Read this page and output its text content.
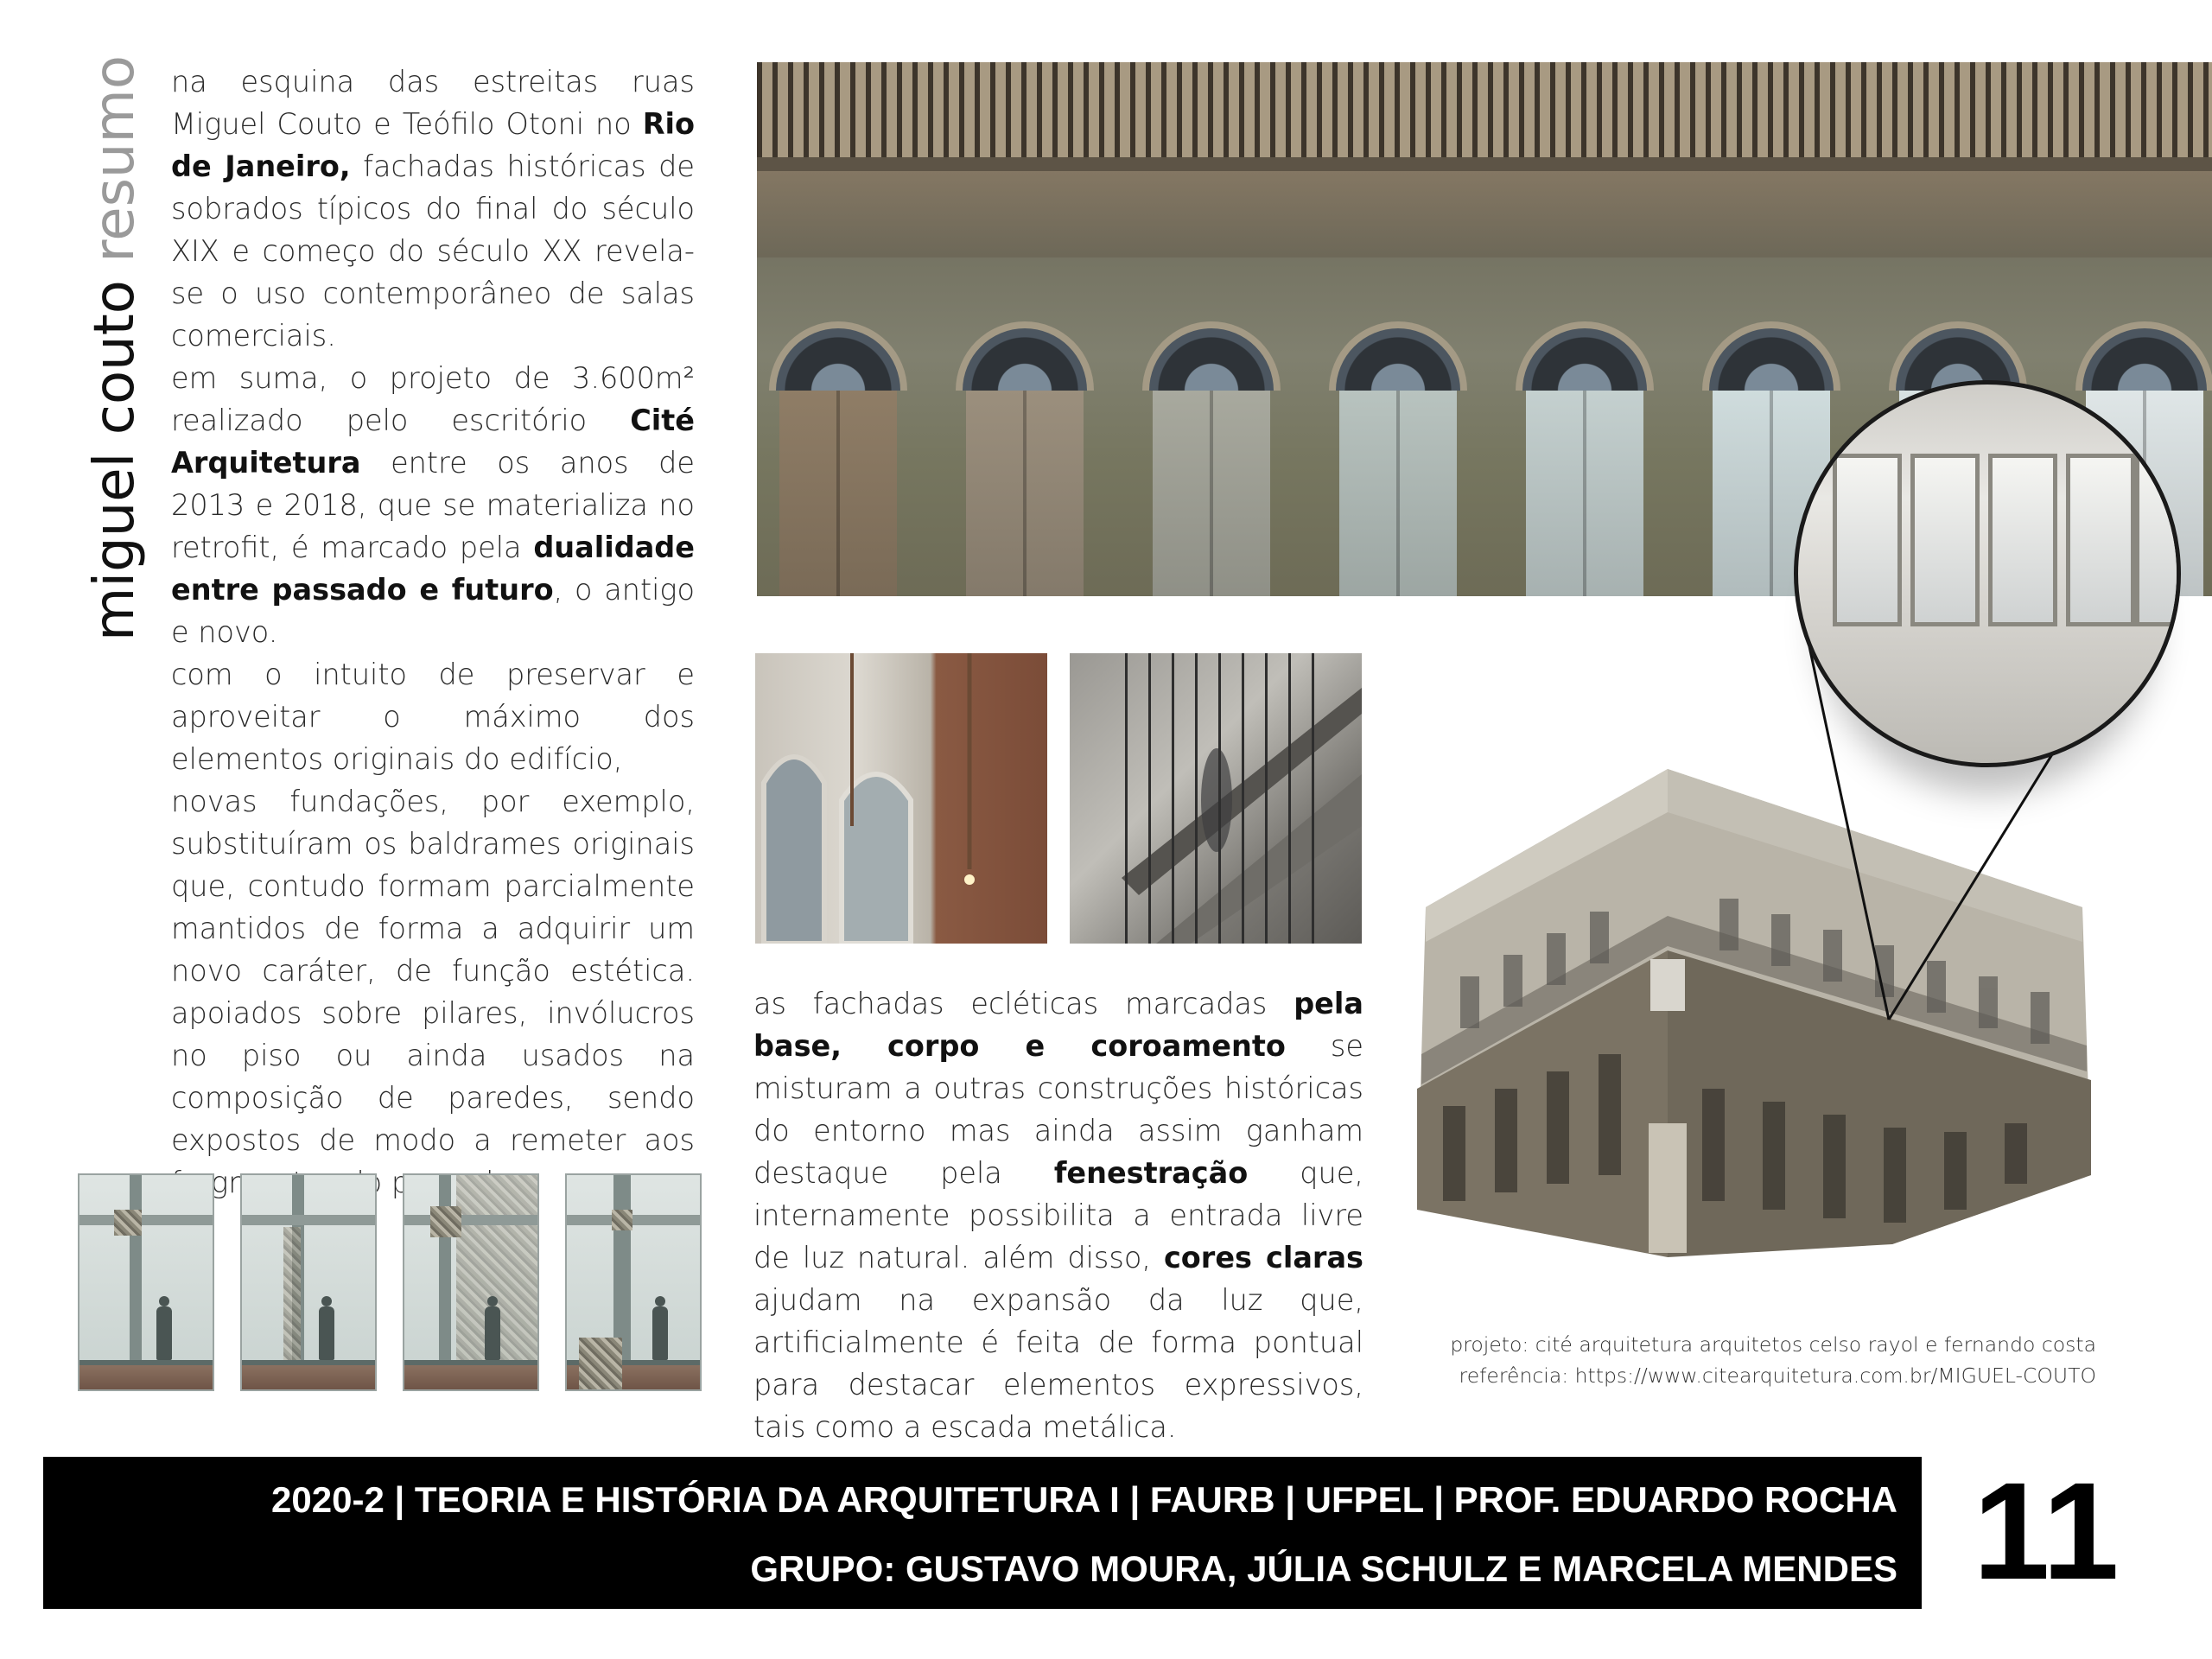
miguel couto resumo na esquina das estreitas ruas Miguel Couto e Teófilo Otoni no Rio de Janeiro, fachadas históricas de sobrados típicos do final do século XIX e começo do século XX revela-se o uso contemporâneo de salas comerciais.

em suma, o projeto de 3.600m² realizado pelo escritório Cité Arquitetura entre os anos de 2013 e 2018, que se materializa no retrofit, é marcado pela dualidade entre passado e futuro, o antigo e novo.

com o intuito de preservar e aproveitar o máximo dos elementos originais do edifício,

novas fundações, por exemplo, substituíram os baldrames originais que, contudo formam parcialmente mantidos de forma a adquirir um novo caráter, de função estética. apoiados sobre pilares, invólucros no piso ou ainda usados na composição de paredes, sendo expostos de modo a remeter aos

as fachadas ecléticas marcadas pela base, corpo e coroamento se misturam a outras construções históricas do entorno mas ainda assim ganham destaque pela fenestração que, internamente possibilita a entrada livre de luz natural. além disso, cores claras ajudam na expansão da luz que, artificialmente é feita de forma pontual para destacar elementos expressivos, tais como a escada metálica.

projeto: cité arquitetura arquitetos celso rayol e fernando costa
referência: https://www.citearquitetura.com.br/MIGUEL-COUTO
2020-2 | TEORIA E HISTÓRIA DA ARQUITETURA I | FAURB | UFPEL | PROF. EDUARDO ROCHA
GRUPO: GUSTAVO MOURA, JÚLIA SCHULZ E MARCELA MENDES 11
